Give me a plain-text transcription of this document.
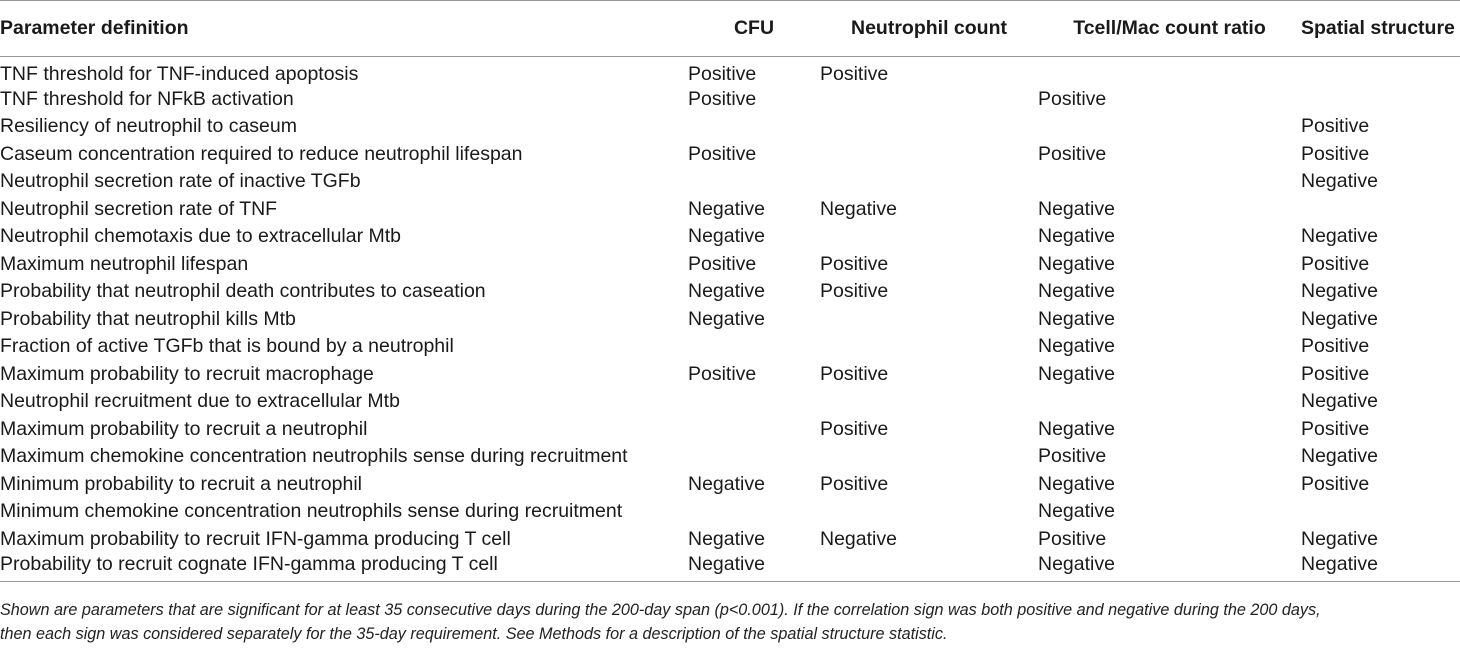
Parameter definition	CFU	Neutrophil count	Tcell/Mac count ratio	Spatial structure
TNF threshold for TNF-induced apoptosis	Positive	Positive		
TNF threshold for NFkB activation	Positive		Positive	
Resiliency of neutrophil to caseum				Positive
Caseum concentration required to reduce neutrophil lifespan	Positive		Positive	Positive
Neutrophil secretion rate of inactive TGFb				Negative
Neutrophil secretion rate of TNF	Negative	Negative	Negative	
Neutrophil chemotaxis due to extracellular Mtb	Negative		Negative	Negative
Maximum neutrophil lifespan	Positive	Positive	Negative	Positive
Probability that neutrophil death contributes to caseation	Negative	Positive	Negative	Negative
Probability that neutrophil kills Mtb	Negative		Negative	Negative
Fraction of active TGFb that is bound by a neutrophil			Negative	Positive
Maximum probability to recruit macrophage	Positive	Positive	Negative	Positive
Neutrophil recruitment due to extracellular Mtb				Negative
Maximum probability to recruit a neutrophil		Positive	Negative	Positive
Maximum chemokine concentration neutrophils sense during recruitment			Positive	Negative
Minimum probability to recruit a neutrophil	Negative	Positive	Negative	Positive
Minimum chemokine concentration neutrophils sense during recruitment			Negative	
Maximum probability to recruit IFN-gamma producing T cell	Negative	Negative	Positive	Negative
Probability to recruit cognate IFN-gamma producing T cell	Negative		Negative	Negative

Shown are parameters that are significant for at least 35 consecutive days during the 200-day span (p<0.001). If the correlation sign was both positive and negative during the 200 days,

then each sign was considered separately for the 35-day requirement. See Methods for a description of the spatial structure statistic.
